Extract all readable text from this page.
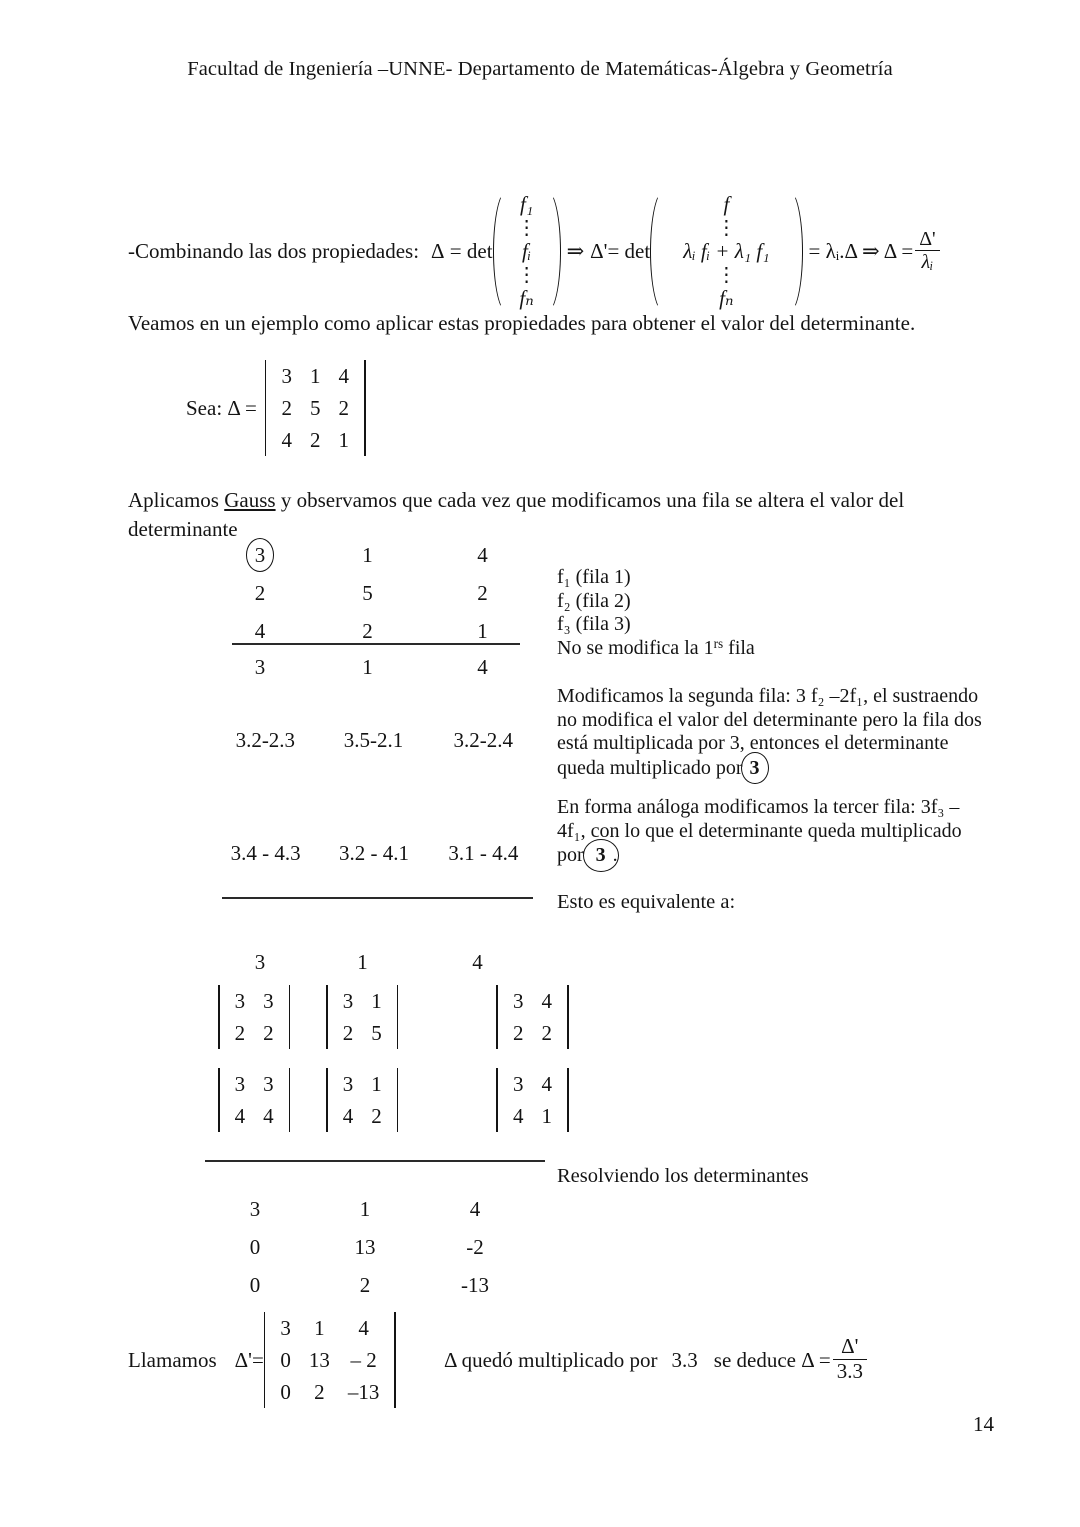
Facultad de Ingeniería –UNNE- Departamento de Matemáticas-Álgebra y Geometría
-Combinando las dos propiedades: Δ = det
f₁
⋮
fᵢ
⋮
fₙ
⇒ Δ'= det
f
⋮
λᵢ fᵢ + λ₁ f₁
⋮
fₙ
= λᵢ.Δ ⇒ $\Delta = \frac{\Delta'}{\text{λᵢ}}$
Veamos en un ejemplo como aplicar estas propiedades para obtener el valor del determinante.
Sea: Δ =
3	1	4
2	5	2
4	2	1
Aplicamos Gauss y observamos que cada vez que modificamos una fila se altera el valor del determinante
3	1	4
2	5	2
4	2	1
3	1	4
f₁ (fila 1)
f₂ (fila 2)
f₃ (fila 3)
No se modifica la $1^{rs}$ fila
3.2-2.3	3.5-2.1	3.2-2.4
Modificamos la segunda fila: 3 f₂ –2f₁, el sustraendo
no modifica el valor del determinante pero la fila dos
está multiplicada por 3, entonces el determinante
queda multiplicado por 3
3.4 - 4.3	3.2 - 4.1	3.1 - 4.4
En forma análoga modificamos la tercer fila: 3f₃ –
4f₁, con lo que el determinante queda multiplicado
por 3 .
Esto es equivalente a:
3	1	4
3	3
2	2
3	1
2	5
3	4
2	2
3	3
4	4
3	1
4	2
3	4
4	1
Resolviendo los determinantes
3	1	4
0	13	-2
0	2	-13
Llamamos Δ'=
3	1	4
0	13	– 2
0	2	–13
Δ quedó multiplicado por 3.3 se deduce $\Delta = \frac{\Delta'}{3.3}$
14
